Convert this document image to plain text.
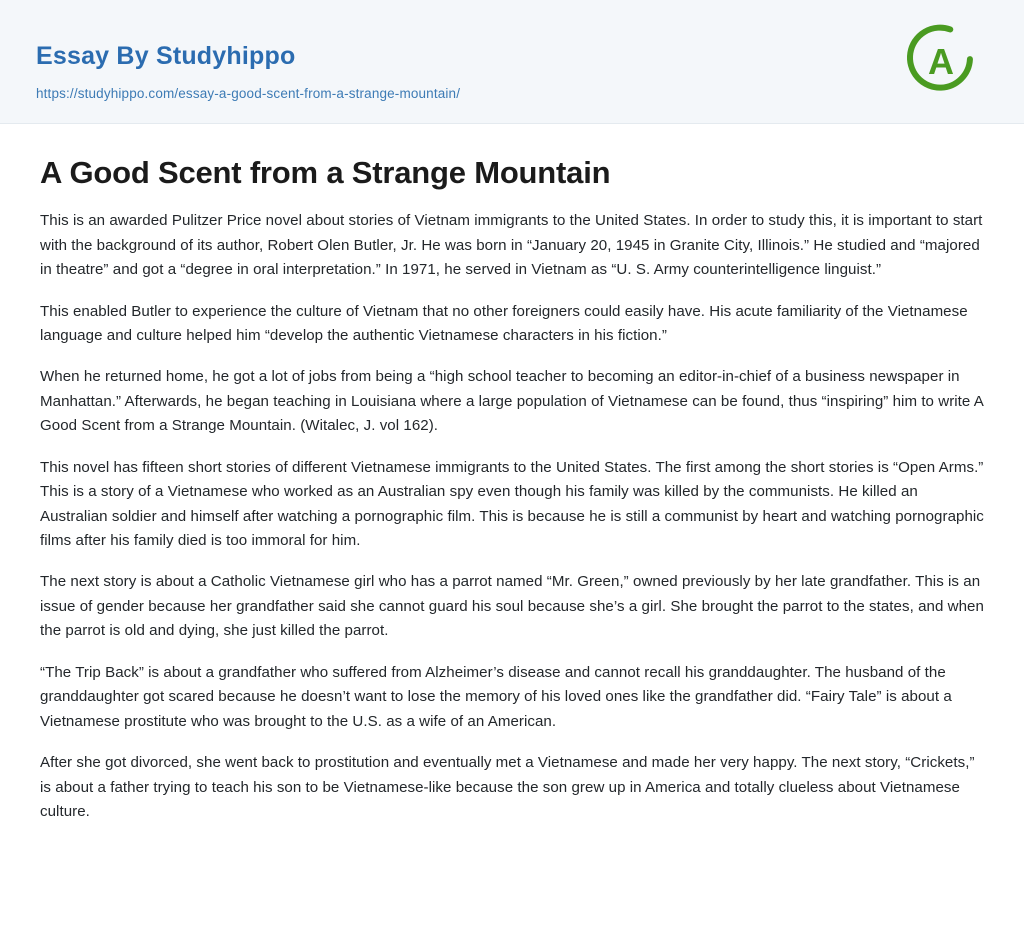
Essay By Studyhippo
https://studyhippo.com/essay-a-good-scent-from-a-strange-mountain/
A
A Good Scent from a Strange Mountain

This is an awarded Pulitzer Price novel about stories of Vietnam immigrants to the United States. In order to study this, it is important to start with the background of its author, Robert Olen Butler, Jr. He was born in “January 20, 1945 in Granite City, Illinois.” He studied and “majored in theatre” and got a “degree in oral interpretation.” In 1971, he served in Vietnam as “U. S. Army counterintelligence linguist.”

This enabled Butler to experience the culture of Vietnam that no other foreigners could easily have. His acute familiarity of the Vietnamese language and culture helped him “develop the authentic Vietnamese characters in his fiction.”

When he returned home, he got a lot of jobs from being a “high school teacher to becoming an editor-in-chief of a business newspaper in Manhattan.” Afterwards, he began teaching in Louisiana where a large population of Vietnamese can be found, thus “inspiring” him to write A Good Scent from a Strange Mountain. (Witalec, J. vol 162).

This novel has fifteen short stories of different Vietnamese immigrants to the United States. The first among the short stories is “Open Arms.” This is a story of a Vietnamese who worked as an Australian spy even though his family was killed by the communists. He killed an Australian soldier and himself after watching a pornographic film. This is because he is still a communist by heart and watching pornographic films after his family died is too immoral for him.

The next story is about a Catholic Vietnamese girl who has a parrot named “Mr. Green,” owned previously by her late grandfather. This is an issue of gender because her grandfather said she cannot guard his soul because she’s a girl. She brought the parrot to the states, and when the parrot is old and dying, she just killed the parrot.

“The Trip Back” is about a grandfather who suffered from Alzheimer’s disease and cannot recall his granddaughter. The husband of the granddaughter got scared because he doesn’t want to lose the memory of his loved ones like the grandfather did. “Fairy Tale” is about a Vietnamese prostitute who was brought to the U.S. as a wife of an American.

After she got divorced, she went back to prostitution and eventually met a Vietnamese and made her very happy. The next story, “Crickets,” is about a father trying to teach his son to be Vietnamese-like because the son grew up in America and totally clueless about Vietnamese culture.
